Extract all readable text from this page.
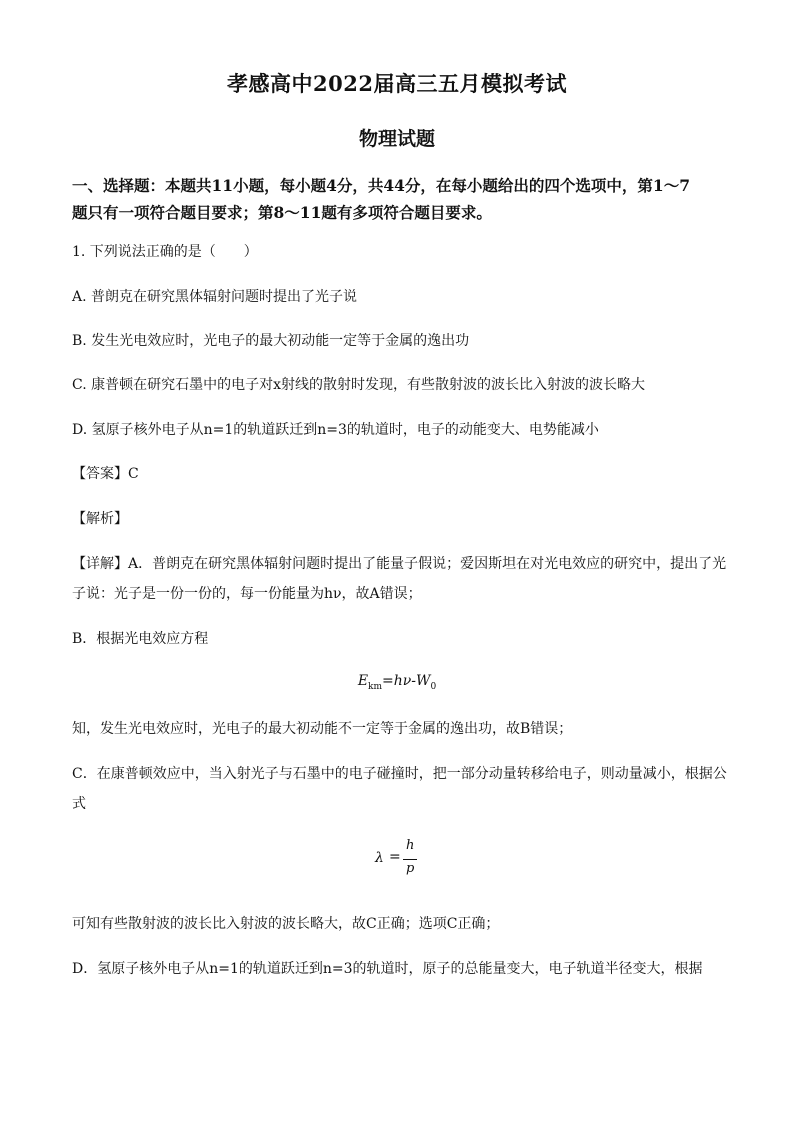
孝感高中2022届高三五月模拟考试
物理试题
一、选择题：本题共11小题，每小题4分，共44分，在每小题给出的四个选项中，第1～7
题只有一项符合题目要求；第8～11题有多项符合题目要求。
1. 下列说法正确的是（　　）
A. 普朗克在研究黑体辐射问题时提出了光子说
B. 发生光电效应时，光电子的最大初动能一定等于金属的逸出功
C. 康普顿在研究石墨中的电子对x射线的散射时发现，有些散射波的波长比入射波的波长略大
D. 氢原子核外电子从n=1的轨道跃迁到n=3的轨道时，电子的动能变大、电势能减小
【答案】C
【解析】
【详解】A．普朗克在研究黑体辐射问题时提出了能量子假说；爱因斯坦在对光电效应的研究中，提出了光
子说：光子是一份一份的，每一份能量为hν，故A错误；
B．根据光电效应方程
$E_{km}=h\nu-W_0$
知，发生光电效应时，光电子的最大初动能不一定等于金属的逸出功，故B错误；
C．在康普顿效应中，当入射光子与石墨中的电子碰撞时，把一部分动量转移给电子，则动量减小，根据公
式
λ =
h
p
可知有些散射波的波长比入射波的波长略大，故C正确；选项C正确；
D．氢原子核外电子从n=1的轨道跃迁到n=3的轨道时，原子的总能量变大，电子轨道半径变大，根据
